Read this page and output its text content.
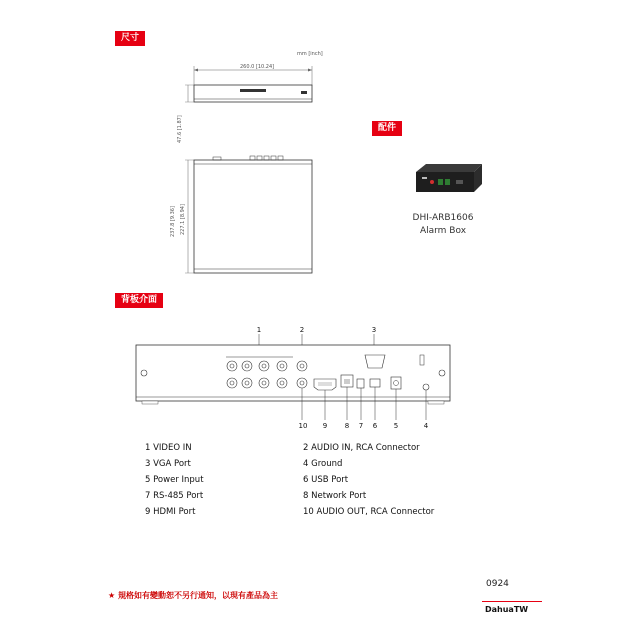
尺寸
配件
背板介面
mm [inch]
260.0 [10.24]
47.6 [1.87]
237.8 [9.36] 227.1 [8.94]	DHI-ARB1606
Alarm Box
1	2	3
10	9	8	7	6	5	4
1 VIDEO IN	2 AUDIO IN, RCA Connector
3 VGA Port	4 Ground
5 Power Input	6 USB Port
7 RS-485 Port	8 Network Port
9 HDMI Port	10 AUDIO OUT, RCA Connector
0924
★ 規格如有變動恕不另行通知，以現有產品為主
DahuaTW
